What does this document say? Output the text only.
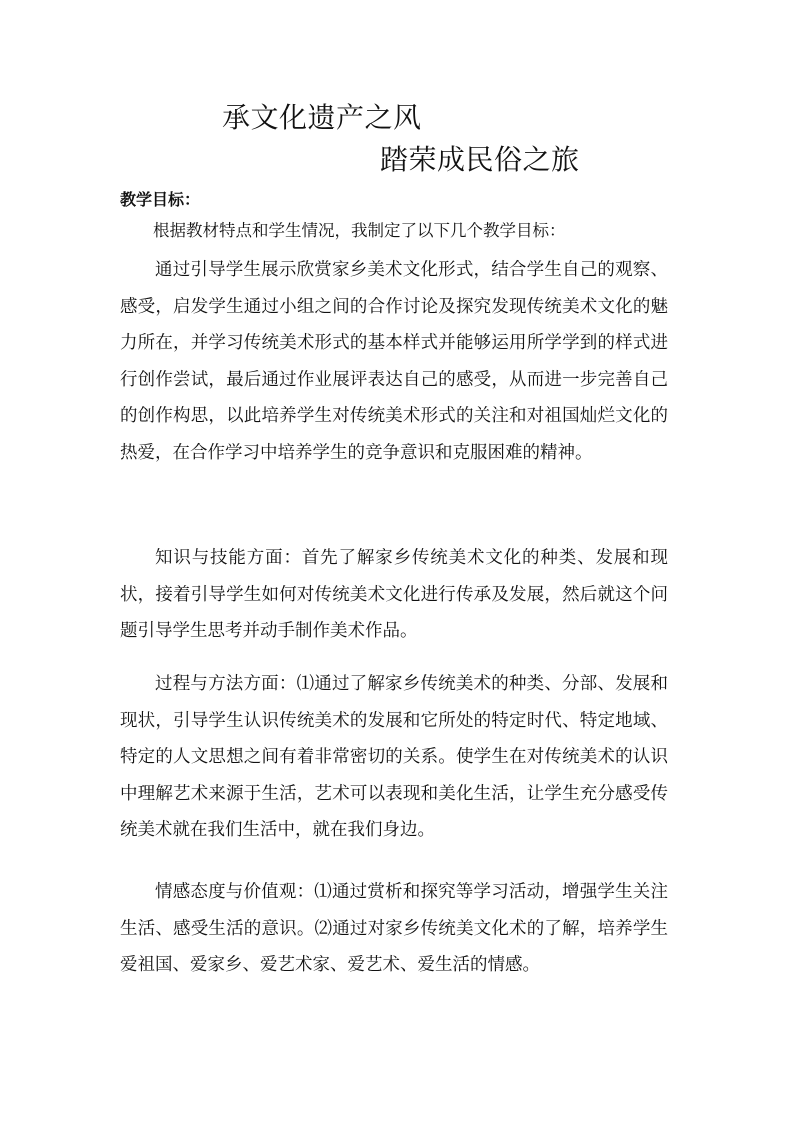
承文化遗产之风
踏荣成民俗之旅
教学目标：

根据教材特点和学生情况，我制定了以下几个教学目标：

通过引导学生展示欣赏家乡美术文化形式，结合学生自己的观察、感受，启发学生通过小组之间的合作讨论及探究发现传统美术文化的魅力所在，并学习传统美术形式的基本样式并能够运用所学学到的样式进行创作尝试，最后通过作业展评表达自己的感受，从而进一步完善自己的创作构思，以此培养学生对传统美术形式的关注和对祖国灿烂文化的热爱，在合作学习中培养学生的竞争意识和克服困难的精神。

知识与技能方面：首先了解家乡传统美术文化的种类、发展和现状，接着引导学生如何对传统美术文化进行传承及发展，然后就这个问题引导学生思考并动手制作美术作品。

过程与方法方面：⑴通过了解家乡传统美术的种类、分部、发展和现状，引导学生认识传统美术的发展和它所处的特定时代、特定地域、特定的人文思想之间有着非常密切的关系。使学生在对传统美术的认识中理解艺术来源于生活，艺术可以表现和美化生活，让学生充分感受传统美术就在我们生活中，就在我们身边。

情感态度与价值观：⑴通过赏析和探究等学习活动，增强学生关注生活、感受生活的意识。⑵通过对家乡传统美文化术的了解，培养学生爱祖国、爱家乡、爱艺术家、爱艺术、爱生活的情感。
